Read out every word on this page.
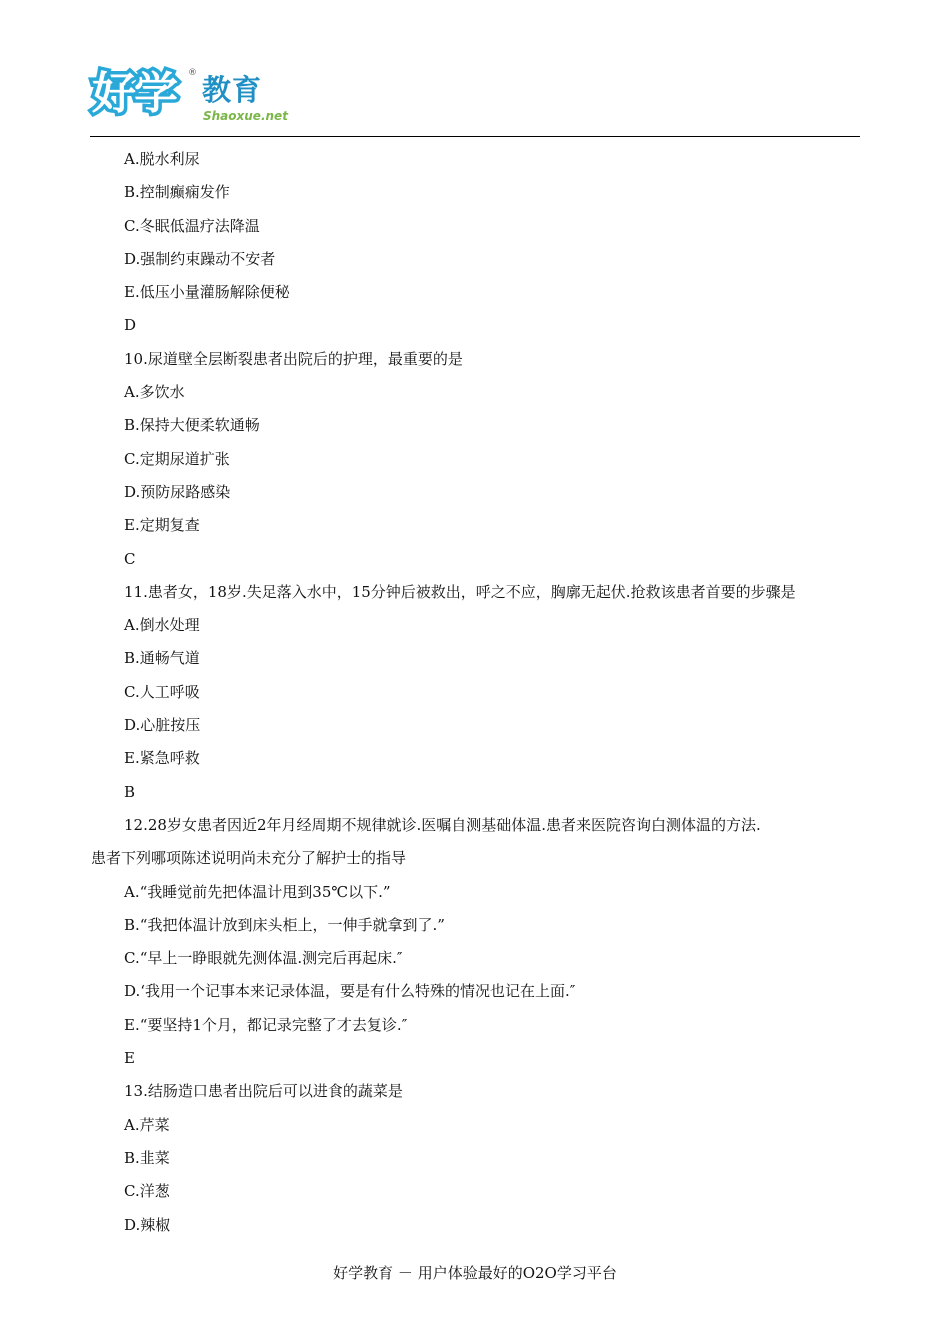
好学 ® 教育
Shaoxue.net
A.脱水利尿
B.控制癫痫发作
C.冬眠低温疗法降温
D.强制约束躁动不安者
E.低压小量灌肠解除便秘
D
10.尿道壁全层断裂患者出院后的护理，最重要的是
A.多饮水
B.保持大便柔软通畅
C.定期尿道扩张
D.预防尿路感染
E.定期复查
C
11.患者女，18岁.失足落入水中，15分钟后被救出，呼之不应，胸廓无起伏.抢救该患者首要的步骤是
A.倒水处理
B.通畅气道
C.人工呼吸
D.心脏按压
E.紧急呼救
B
12.28岁女患者因近2年月经周期不规律就诊.医嘱自测基础体温.患者来医院咨询白测体温的方法.
患者下列哪项陈述说明尚未充分了解护士的指导
A.“我睡觉前先把体温计甩到35℃以下.”
B.“我把体温计放到床头柜上，一伸手就拿到了.”
C.“早上一睁眼就先测体温.测完后再起床.″
D.‘我用一个记事本来记录体温，要是有什么特殊的情况也记在上面.″
E.“要坚持1个月，都记录完整了才去复诊.″
E
13.结肠造口患者出院后可以进食的蔬菜是
A.芹菜
B.韭菜
C.洋葱
D.辣椒
好学教育 － 用户体验最好的O2O学习平台
